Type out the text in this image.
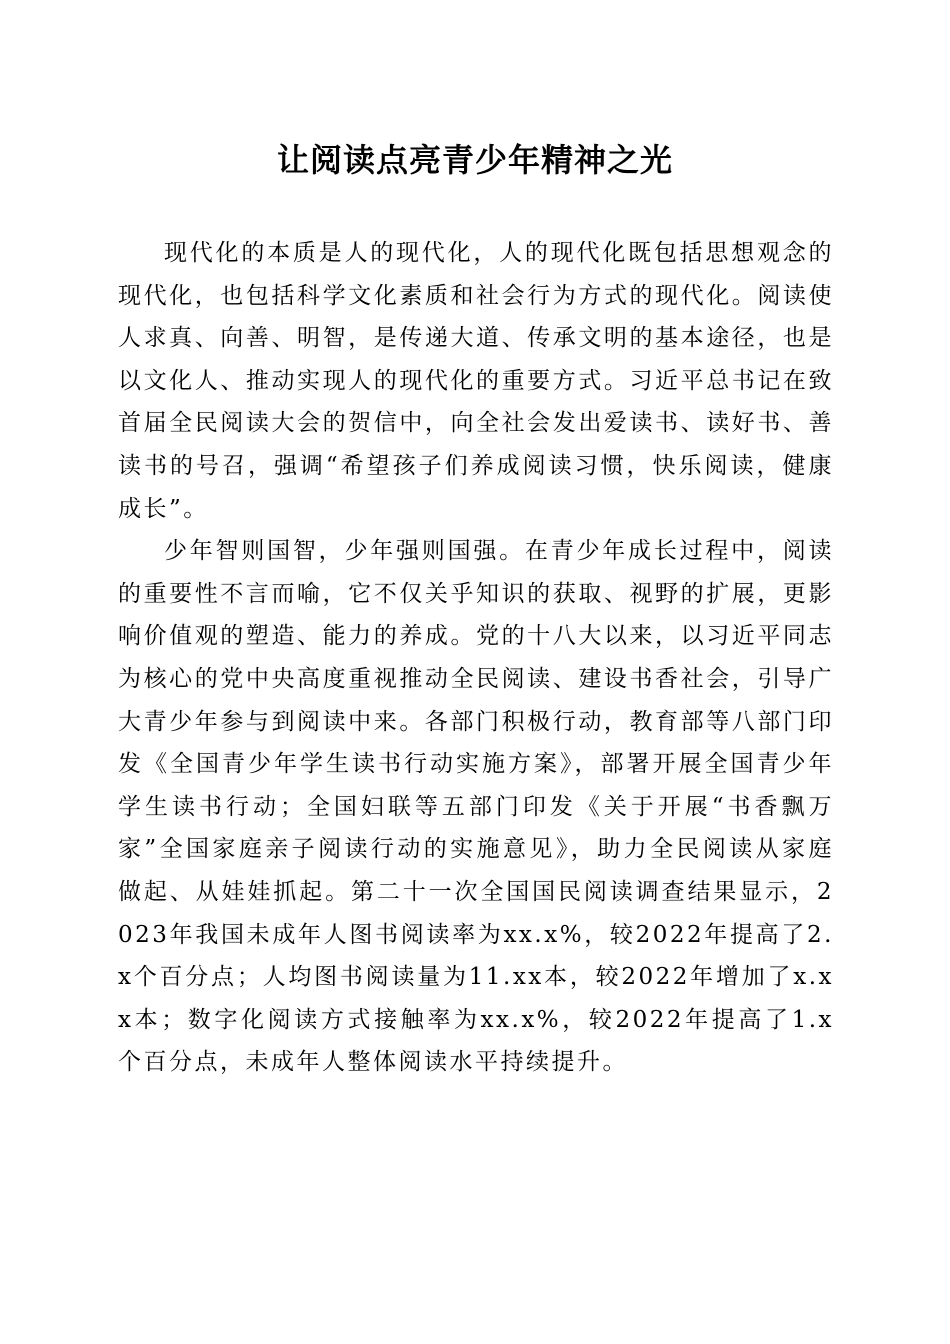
让阅读点亮青少年精神之光

现代化的本质是人的现代化，人的现代化既包括思想观念的现代化，也包括科学文化素质和社会行为方式的现代化。阅读使人求真、向善、明智，是传递大道、传承文明的基本途径，也是以文化人、推动实现人的现代化的重要方式。习近平总书记在致首届全民阅读大会的贺信中，向全社会发出爱读书、读好书、善读书的号召，强调“希望孩子们养成阅读习惯，快乐阅读，健康成长”。

少年智则国智，少年强则国强。在青少年成长过程中，阅读的重要性不言而喻，它不仅关乎知识的获取、视野的扩展，更影响价值观的塑造、能力的养成。党的十八大以来，以习近平同志为核心的党中央高度重视推动全民阅读、建设书香社会，引导广大青少年参与到阅读中来。各部门积极行动，教育部等八部门印发《全国青少年学生读书行动实施方案》，部署开展全国青少年学生读书行动；全国妇联等五部门印发《关于开展“书香飘万家”全国家庭亲子阅读行动的实施意见》，助力全民阅读从家庭做起、从娃娃抓起。第二十一次全国国民阅读调查结果显示，2023年我国未成年人图书阅读率为xx.x%，较2022年提高了2.x个百分点；人均图书阅读量为11.xx本，较2022年增加了x.xx本；数字化阅读方式接触率为xx.x%，较2022年提高了1.x个百分点，未成年人整体阅读水平持续提升。
